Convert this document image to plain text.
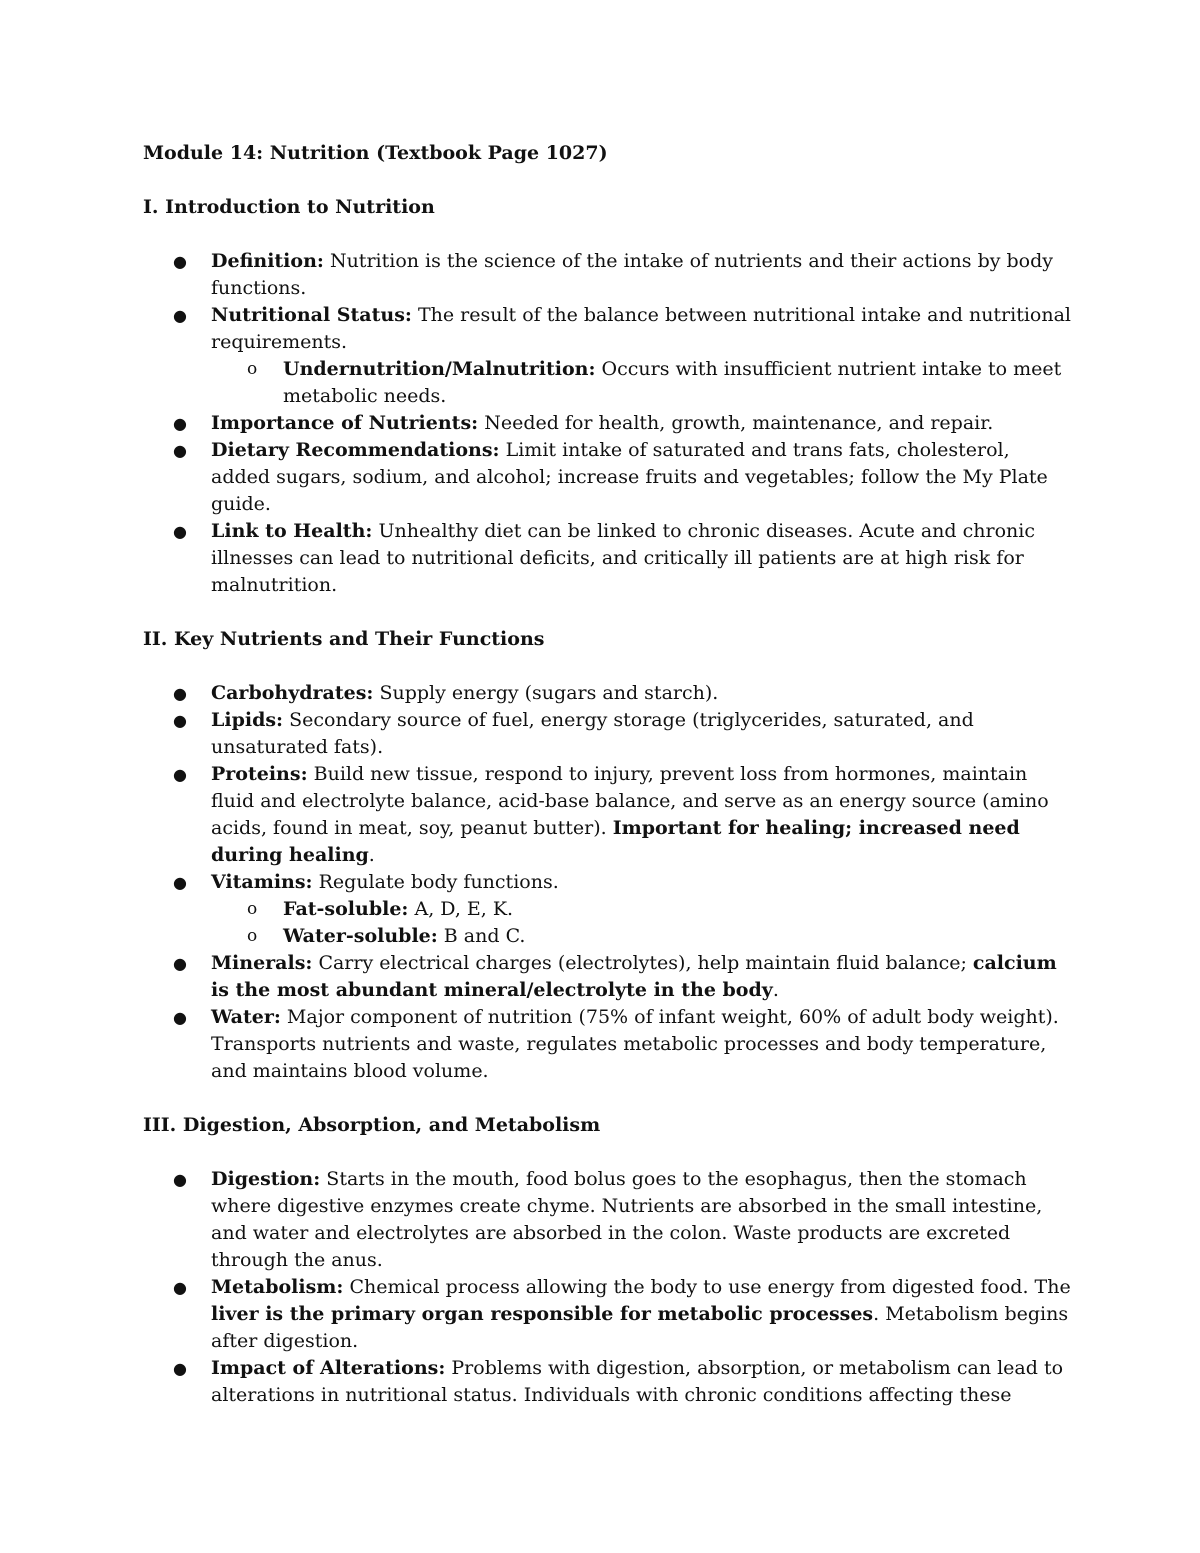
Module 14: Nutrition (Textbook Page 1027)
I. Introduction to Nutrition
● Definition: Nutrition is the science of the intake of nutrients and their actions by body functions.
● Nutritional Status: The result of the balance between nutritional intake and nutritional requirements.
o Undernutrition/Malnutrition: Occurs with insufficient nutrient intake to meet metabolic needs.
● Importance of Nutrients: Needed for health, growth, maintenance, and repair.
● Dietary Recommendations: Limit intake of saturated and trans fats, cholesterol, added sugars, sodium, and alcohol; increase fruits and vegetables; follow the My Plate guide.
● Link to Health: Unhealthy diet can be linked to chronic diseases. Acute and chronic illnesses can lead to nutritional deficits, and critically ill patients are at high risk for malnutrition.
II. Key Nutrients and Their Functions
● Carbohydrates: Supply energy (sugars and starch).
● Lipids: Secondary source of fuel, energy storage (triglycerides, saturated, and unsaturated fats).
● Proteins: Build new tissue, respond to injury, prevent loss from hormones, maintain fluid and electrolyte balance, acid-base balance, and serve as an energy source (amino acids, found in meat, soy, peanut butter). Important for healing; increased need during healing.
● Vitamins: Regulate body functions.
o Fat-soluble: A, D, E, K.
o Water-soluble: B and C.
● Minerals: Carry electrical charges (electrolytes), help maintain fluid balance; calcium is the most abundant mineral/electrolyte in the body.
● Water: Major component of nutrition (75% of infant weight, 60% of adult body weight). Transports nutrients and waste, regulates metabolic processes and body temperature, and maintains blood volume.
III. Digestion, Absorption, and Metabolism
● Digestion: Starts in the mouth, food bolus goes to the esophagus, then the stomach where digestive enzymes create chyme. Nutrients are absorbed in the small intestine, and water and electrolytes are absorbed in the colon. Waste products are excreted through the anus.
● Metabolism: Chemical process allowing the body to use energy from digested food. The liver is the primary organ responsible for metabolic processes. Metabolism begins after digestion.
● Impact of Alterations: Problems with digestion, absorption, or metabolism can lead to alterations in nutritional status. Individuals with chronic conditions affecting these
